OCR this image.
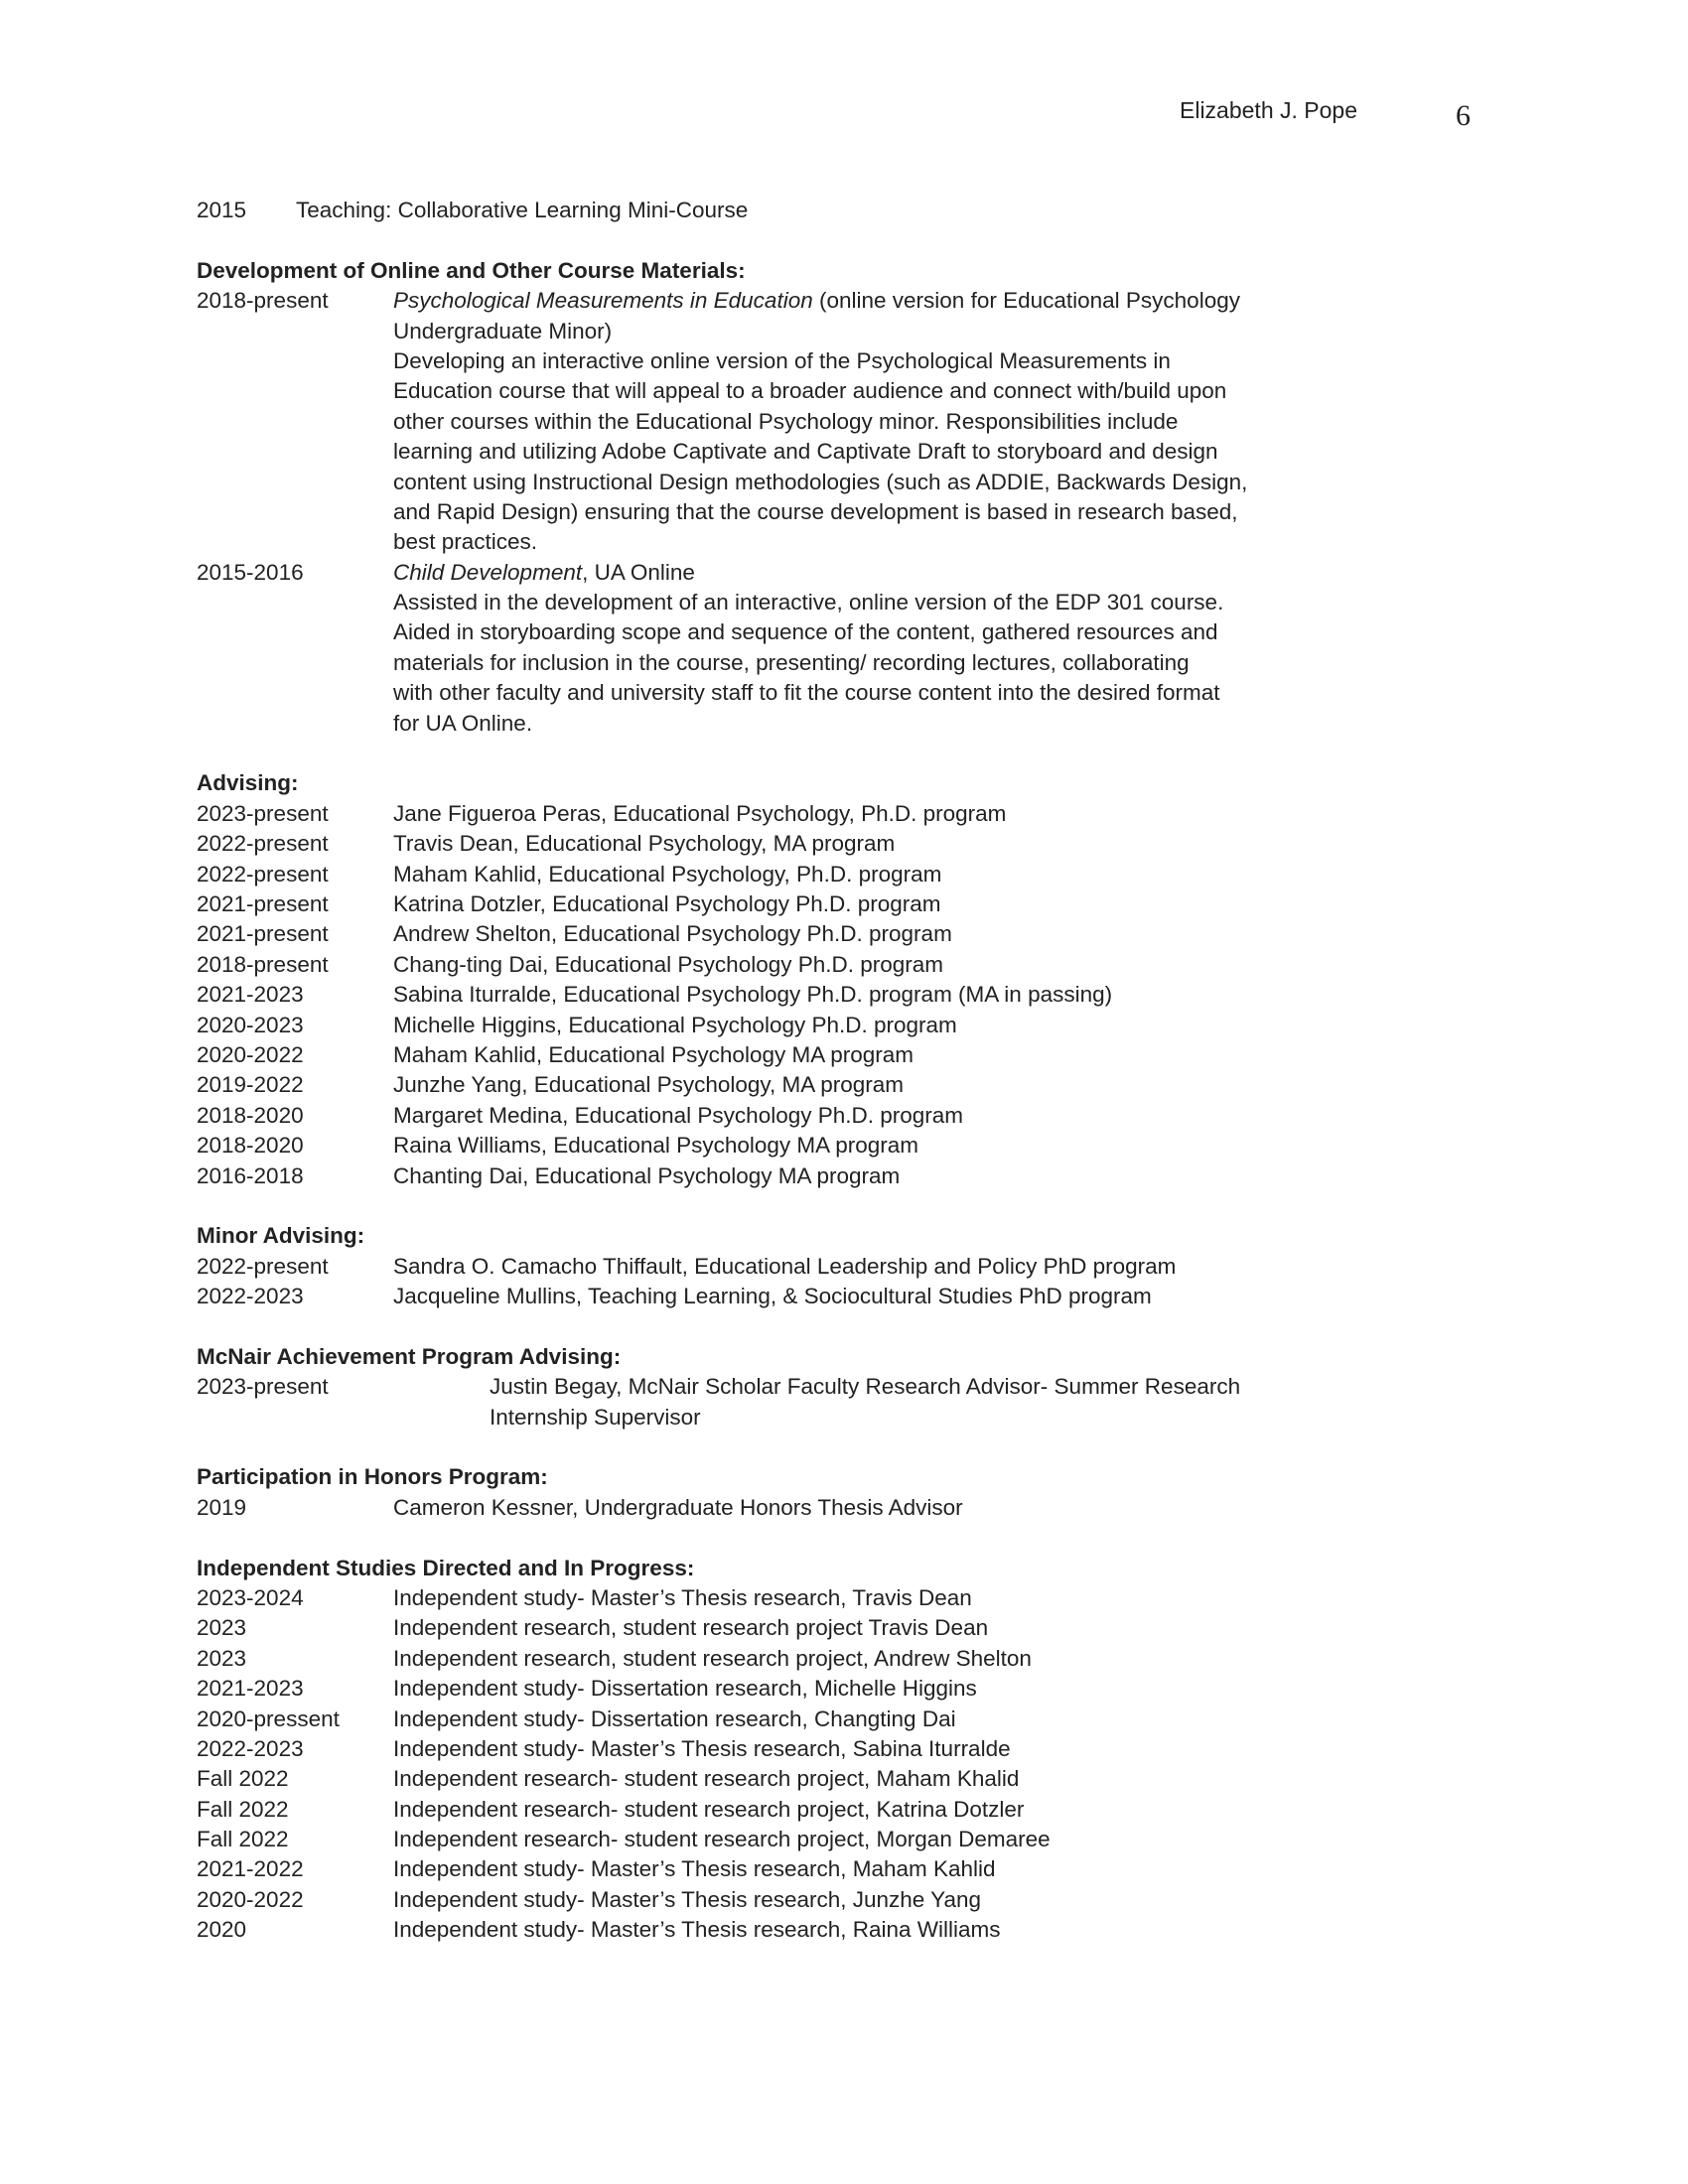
Elizabeth J. Pope	6
2015 Teaching: Collaborative Learning Mini-Course
Development of Online and Other Course Materials:
2018-present	Psychological Measurements in Education (online version for Educational Psychology
Undergraduate Minor)
Developing an interactive online version of the Psychological Measurements in
Education course that will appeal to a broader audience and connect with/build upon
other courses within the Educational Psychology minor. Responsibilities include
learning and utilizing Adobe Captivate and Captivate Draft to storyboard and design
content using Instructional Design methodologies (such as ADDIE, Backwards Design,
and Rapid Design) ensuring that the course development is based in research based,
best practices.
2015-2016	Child Development, UA Online
Assisted in the development of an interactive, online version of the EDP 301 course.
Aided in storyboarding scope and sequence of the content, gathered resources and
materials for inclusion in the course, presenting/ recording lectures, collaborating
with other faculty and university staff to fit the course content into the desired format
for UA Online.
Advising:
2023-present	Jane Figueroa Peras, Educational Psychology, Ph.D. program
2022-present	Travis Dean, Educational Psychology, MA program
2022-present	Maham Kahlid, Educational Psychology, Ph.D. program
2021-present	Katrina Dotzler, Educational Psychology Ph.D. program
2021-present	Andrew Shelton, Educational Psychology Ph.D. program
2018-present	Chang-ting Dai, Educational Psychology Ph.D. program
2021-2023	Sabina Iturralde, Educational Psychology Ph.D. program (MA in passing)
2020-2023	Michelle Higgins, Educational Psychology Ph.D. program
2020-2022	Maham Kahlid, Educational Psychology MA program
2019-2022	Junzhe Yang, Educational Psychology, MA program
2018-2020	Margaret Medina, Educational Psychology Ph.D. program
2018-2020	Raina Williams, Educational Psychology MA program
2016-2018	Chanting Dai, Educational Psychology MA program
Minor Advising:
2022-present	Sandra O. Camacho Thiffault, Educational Leadership and Policy PhD program
2022-2023	Jacqueline Mullins, Teaching Learning, & Sociocultural Studies PhD program
McNair Achievement Program Advising:
2023-present	Justin Begay, McNair Scholar Faculty Research Advisor- Summer Research
Internship Supervisor
Participation in Honors Program:
2019	Cameron Kessner, Undergraduate Honors Thesis Advisor
Independent Studies Directed and In Progress:
2023-2024	Independent study- Master’s Thesis research, Travis Dean
2023	Independent research, student research project Travis Dean
2023	Independent research, student research project, Andrew Shelton
2021-2023	Independent study- Dissertation research, Michelle Higgins
2020-pressent Independent study- Dissertation research, Changting Dai
2022-2023	Independent study- Master’s Thesis research, Sabina Iturralde
Fall 2022	Independent research- student research project, Maham Khalid
Fall 2022	Independent research- student research project, Katrina Dotzler
Fall 2022	Independent research- student research project, Morgan Demaree
2021-2022	Independent study- Master’s Thesis research, Maham Kahlid
2020-2022	Independent study- Master’s Thesis research, Junzhe Yang
2020	Independent study- Master’s Thesis research, Raina Williams
